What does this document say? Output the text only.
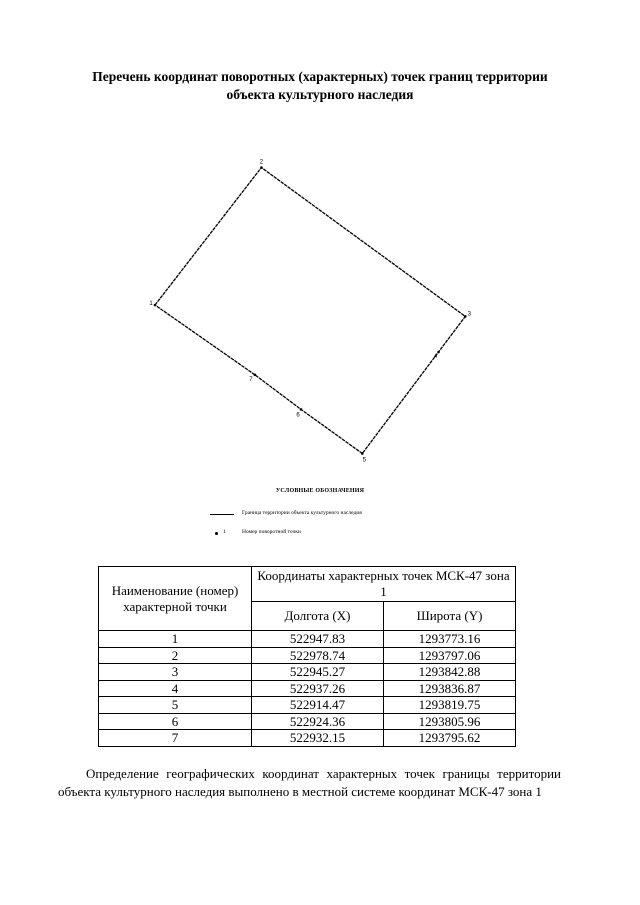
Перечень координат поворотных (характерных) точек границ территории
объекта культурного наследия
1
2
3
4
5
6
7
УСЛОВНЫЕ ОБОЗНАЧЕНИЯ
Граница территории объекта культурного наследия
1	Номер поворотной точки
Наименование (номер) характерной точки	Координаты характерных точек МСК-47 зона 1	
	Долгота (X)	Широта (Y)
1	522947.83	1293773.16
2	522978.74	1293797.06
3	522945.27	1293842.88
4	522937.26	1293836.87
5	522914.47	1293819.75
6	522924.36	1293805.96
7	522932.15	1293795.62
Определение географических координат характерных точек границы территории объекта культурного наследия выполнено в местной системе координат МСК-47 зона 1
